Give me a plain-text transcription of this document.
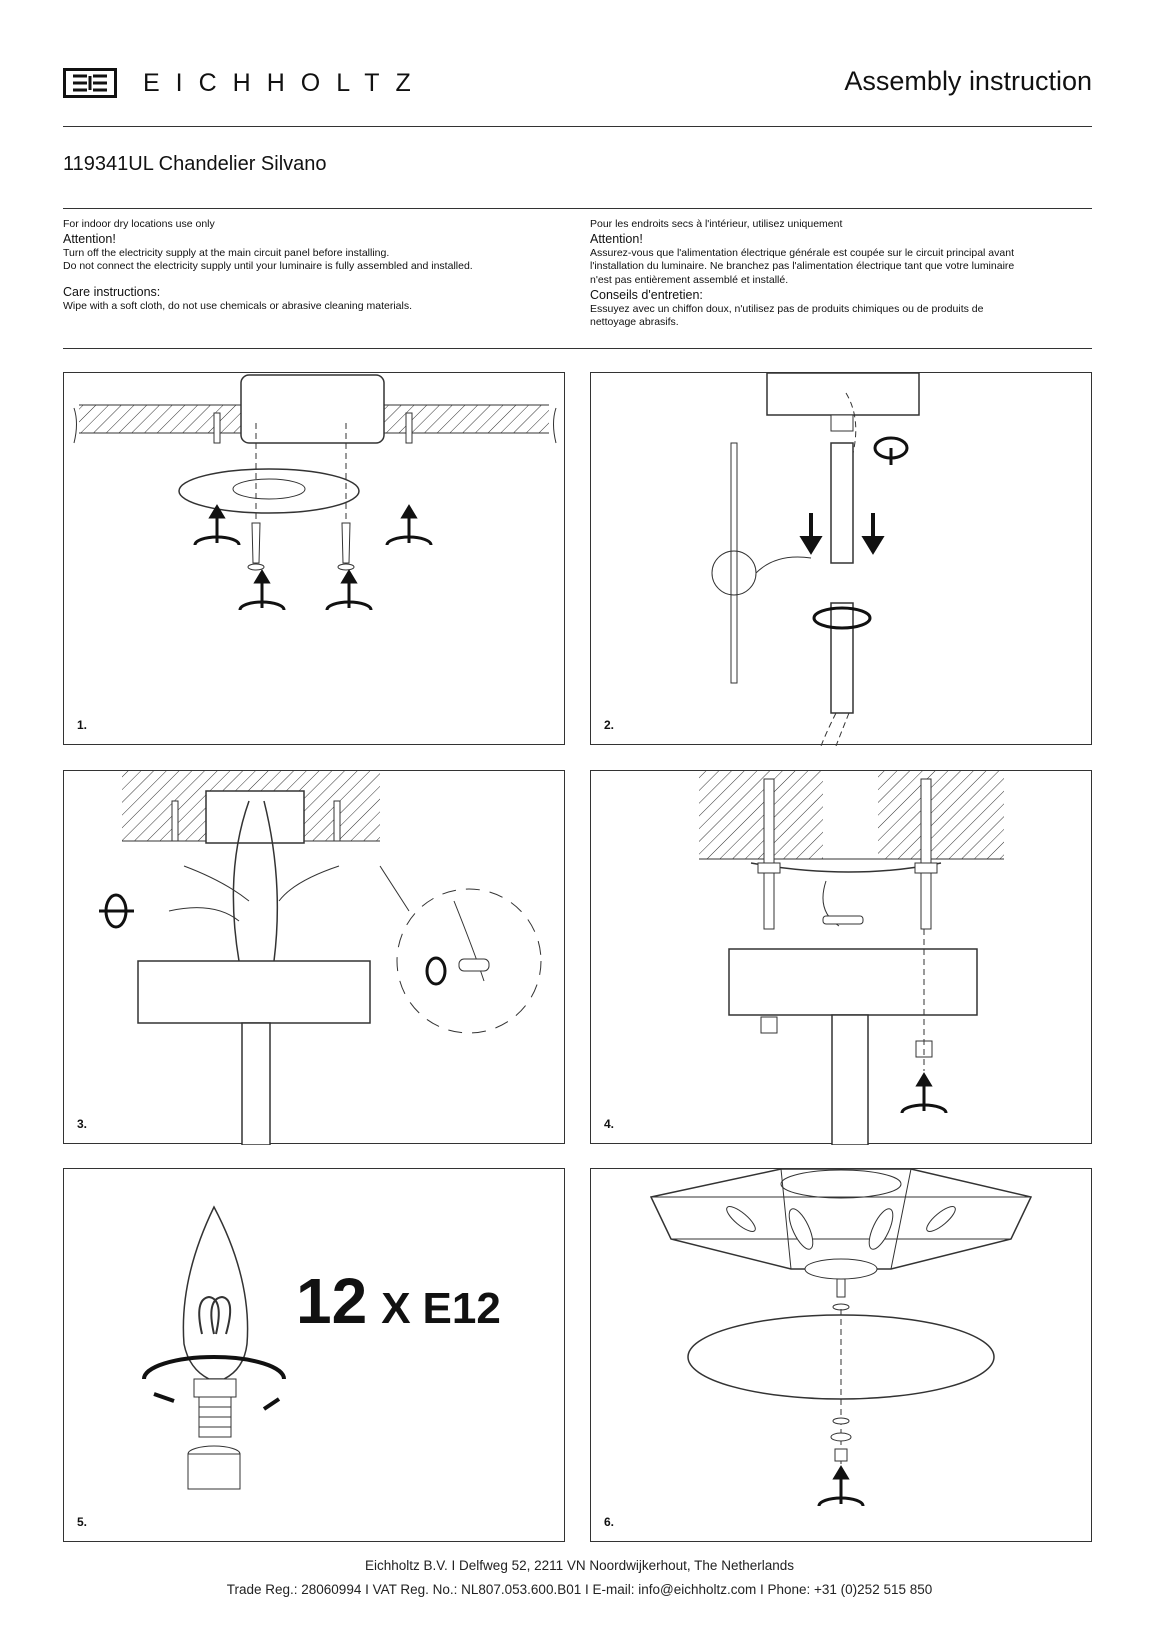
EICHHOLTZ	Assembly instruction
119341UL Chandelier Silvano
For indoor dry locations use only
Attention!
Turn off the electricity supply at the main circuit panel before installing.
Do not connect the electricity supply until your luminaire is fully assembled and installed.
Care instructions:
Wipe with a soft cloth, do not use chemicals or abrasive cleaning materials.
Pour les endroits secs à l'intérieur, utilisez uniquement
Attention!
Assurez-vous que l'alimentation électrique générale est coupée sur le circuit principal avant
l'installation du luminaire. Ne branchez pas l'alimentation électrique tant que votre luminaire
n'est pas entièrement assemblé et installé.
Conseils d'entretien:
Essuyez avec un chiffon doux, n'utilisez pas de produits chimiques ou de produits de
nettoyage abrasifs.
1.	2.
3.	4.
12 X E12
5.	6.
Eichholtz B.V. I Delfweg 52, 2211 VN Noordwijkerhout, The Netherlands
Trade Reg.: 28060994 I VAT Reg. No.: NL807.053.600.B01 I E-mail: info@eichholtz.com I Phone: +31 (0)252 515 850
